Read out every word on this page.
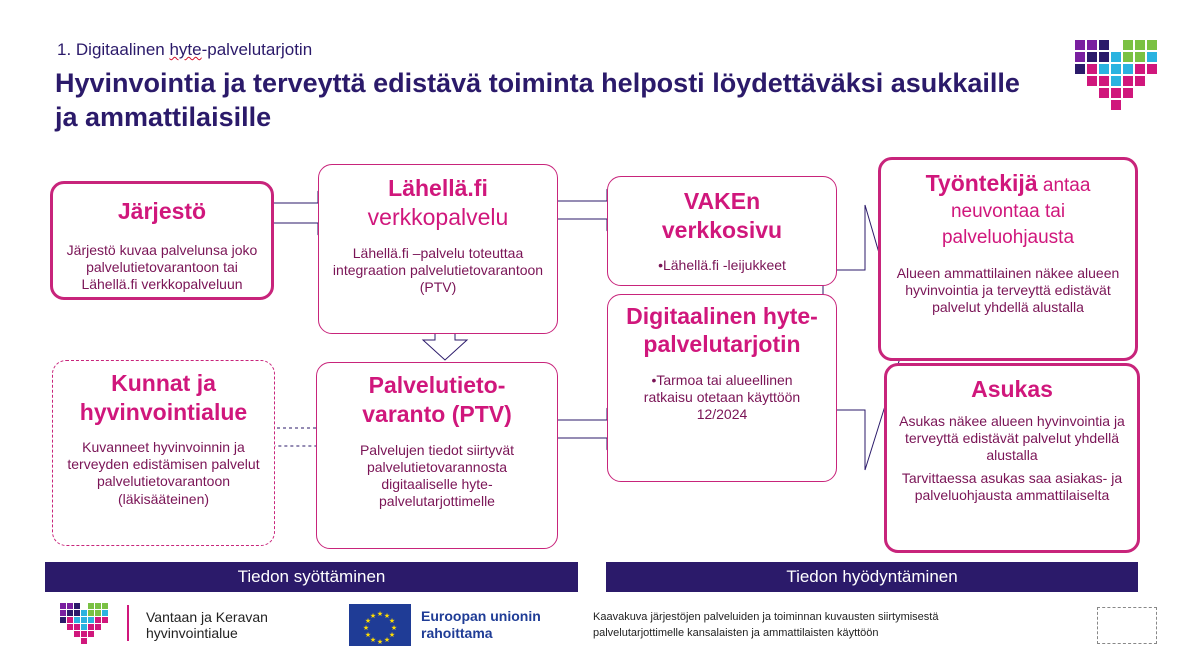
1. Digitaalinen hyte-palvelutarjotin
Hyvinvointia ja terveyttä edistävä toiminta helposti löydettäväksi asukkaille ja ammattilaisille
Järjestö
Järjestö kuvaa palvelunsa joko palvelutietovarantoon tai Lähellä.fi verkkopalveluun
Lähellä.fi
verkkopalvelu
Lähellä.fi –palvelu toteuttaa integraation palvelutietovarantoon (PTV)
Kunnat ja hyvinvointialue
Kuvanneet hyvinvoinnin ja terveyden edistämisen palvelut palvelutietovarantoon
(läkisääteinen)
Palvelutieto-varanto (PTV)
Palvelujen tiedot siirtyvät palvelutietovarannosta digitaaliselle hyte-palvelutarjottimelle
VAKEn verkkosivu
•Lähellä.fi -leijukkeet
Digitaalinen hyte-palvelutarjotin
•Tarmoa tai alueellinen ratkaisu otetaan käyttöön 12/2024
Työntekijä antaa neuvontaa tai palveluohjausta
Alueen ammattilainen näkee alueen hyvinvointia ja terveyttä edistävät palvelut yhdellä alustalla
Asukas
Asukas näkee alueen hyvinvointia ja terveyttä edistävät palvelut yhdellä alustalla
Tarvittaessa asukas saa asiakas- ja palveluohjausta ammattilaiselta
Tiedon syöttäminen	Tiedon hyödyntäminen
Vantaan ja Keravan
hyvinvointialue
★ ★
★
★
★
★
★
★
★
★
★
★	Euroopan unionin
rahoittama
Kaavakuva järjestöjen palveluiden ja toiminnan kuvausten siirtymisestä
palvelutarjottimelle kansalaisten ja ammattilaisten käyttöön
